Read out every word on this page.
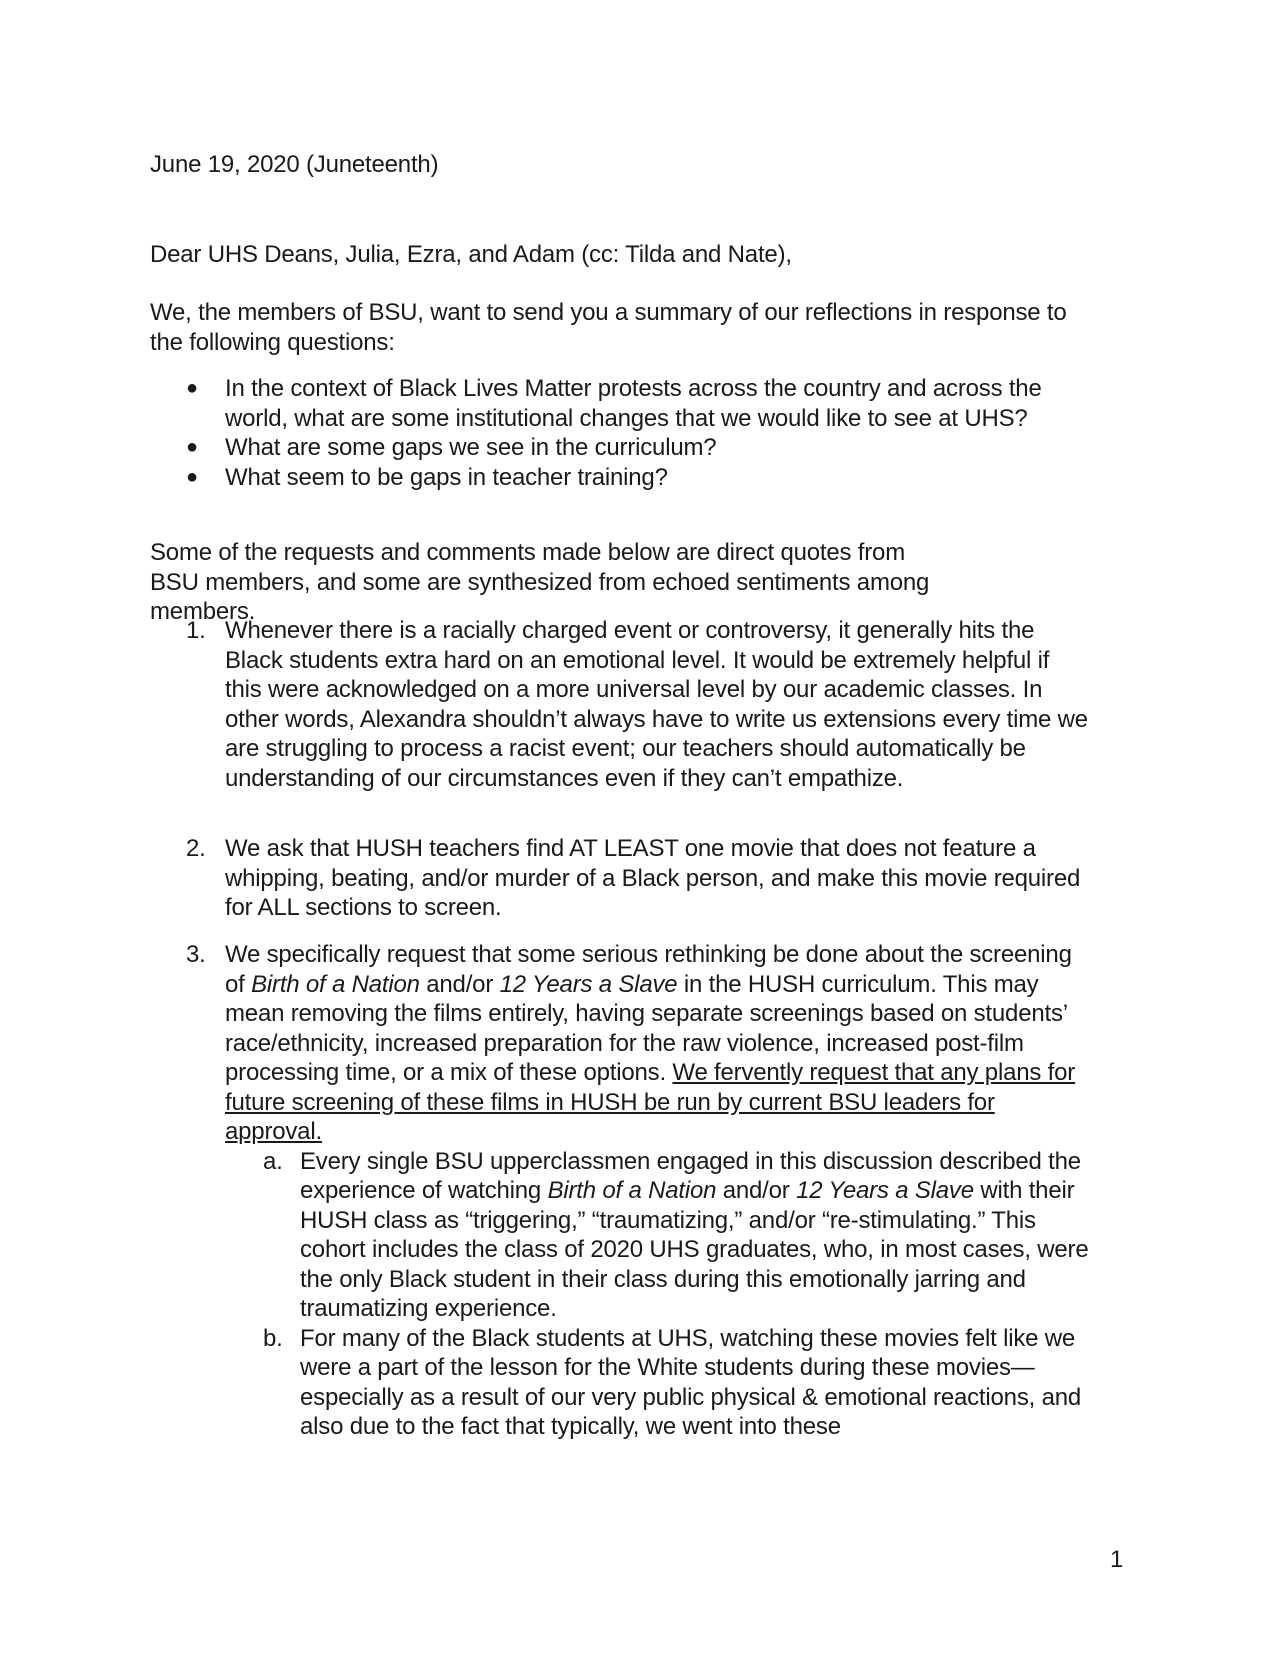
June 19, 2020 (Juneteenth)
Dear UHS Deans, Julia, Ezra, and Adam (cc: Tilda and Nate),
We, the members of BSU, want to send you a summary of our reflections in response to the following questions:
● In the context of Black Lives Matter protests across the country and across the world, what are some institutional changes that we would like to see at UHS?
● What are some gaps we see in the curriculum?
● What seem to be gaps in teacher training?
Some of the requests and comments made below are direct quotes from BSU members, and some are synthesized from echoed sentiments among members.
1. Whenever there is a racially charged event or controversy, it generally hits the Black students extra hard on an emotional level. It would be extremely helpful if this were acknowledged on a more universal level by our academic classes. In other words, Alexandra shouldn’t always have to write us extensions every time we are struggling to process a racist event; our teachers should automatically be understanding of our circumstances even if they can’t empathize.
2. We ask that HUSH teachers find AT LEAST one movie that does not feature a whipping, beating, and/or murder of a Black person, and make this movie required for ALL sections to screen.
3. We specifically request that some serious rethinking be done about the screening of Birth of a Nation and/or 12 Years a Slave in the HUSH curriculum. This may mean removing the films entirely, having separate screenings based on students’ race/ethnicity, increased preparation for the raw violence, increased post-film processing time, or a mix of these options. We fervently request that any plans for future screening of these films in HUSH be run by current BSU leaders for approval.
a. Every single BSU upperclassmen engaged in this discussion described the experience of watching Birth of a Nation and/or 12 Years a Slave with their HUSH class as “triggering,” “traumatizing,” and/or “re-stimulating.” This cohort includes the class of 2020 UHS graduates, who, in most cases, were the only Black student in their class during this emotionally jarring and traumatizing experience.
b. For many of the Black students at UHS, watching these movies felt like we were a part of the lesson for the White students during these movies—especially as a result of our very public physical & emotional reactions, and also due to the fact that typically, we went into these
1
